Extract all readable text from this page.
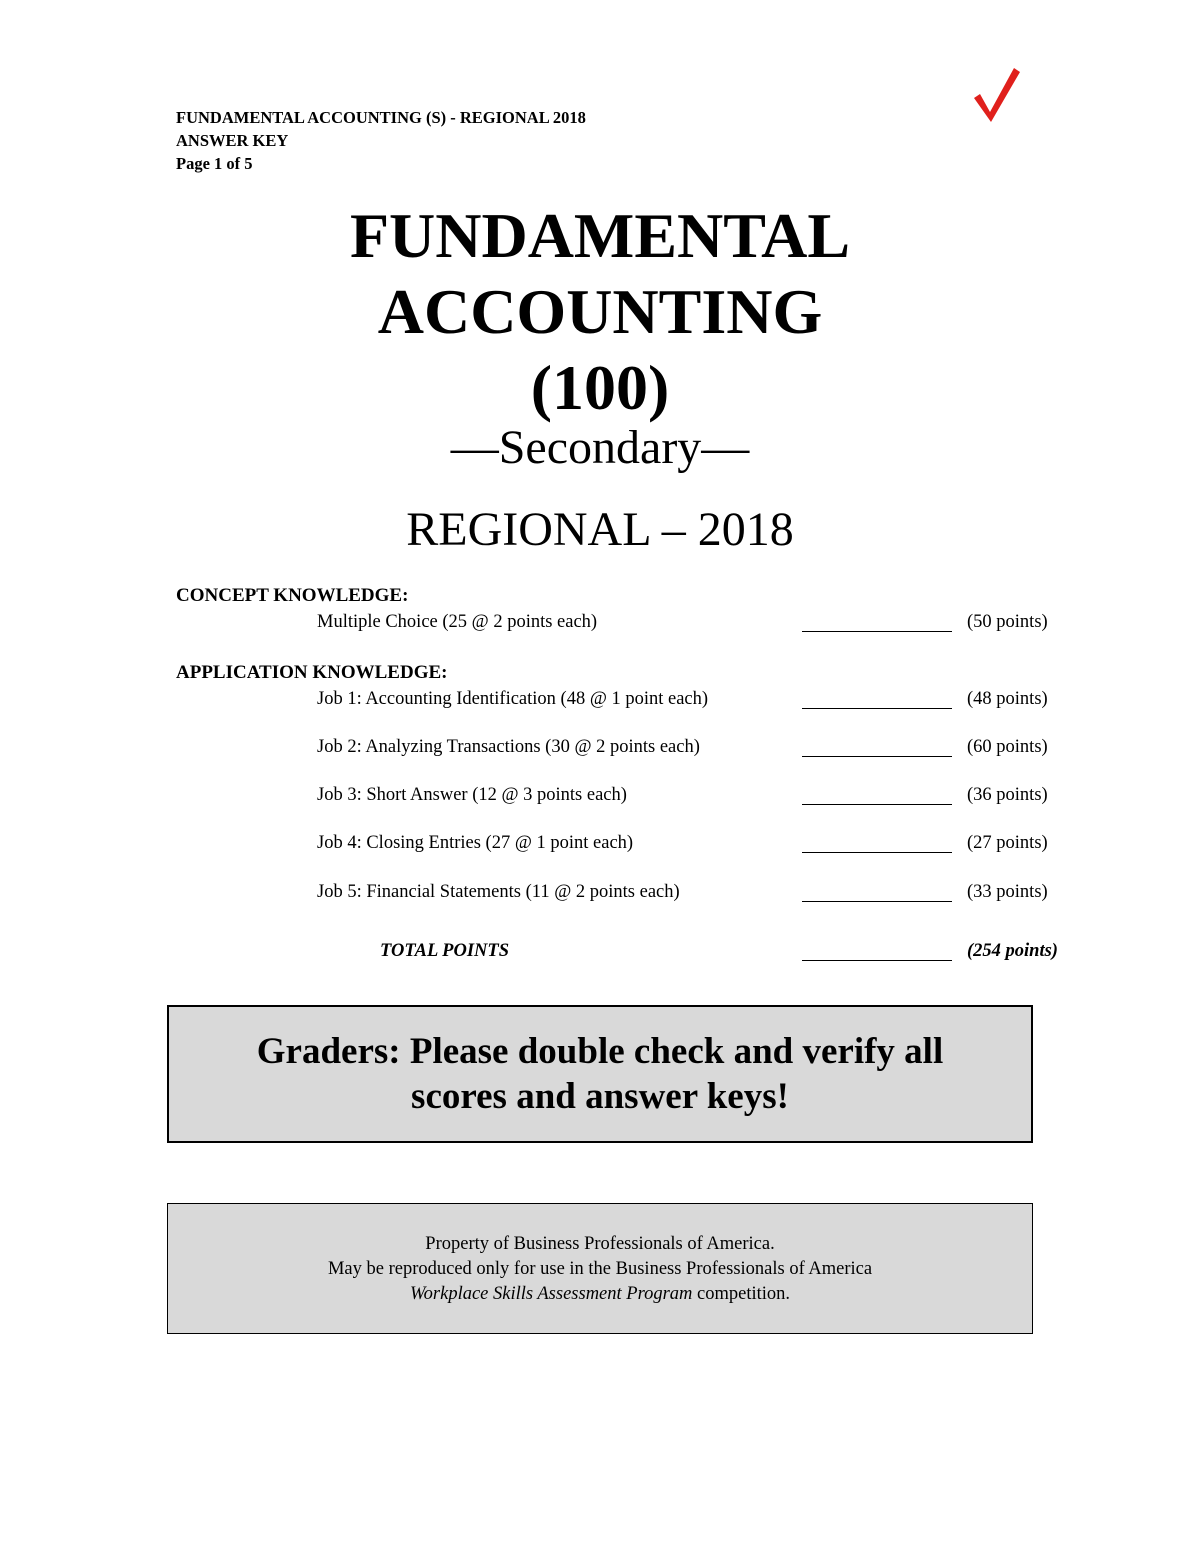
FUNDAMENTAL ACCOUNTING (S) - REGIONAL 2018
ANSWER KEY
Page 1 of 5
FUNDAMENTAL
ACCOUNTING
(100)
—Secondary—
REGIONAL – 2018
CONCEPT KNOWLEDGE:
Multiple Choice (25 @ 2 points each)	(50 points)
APPLICATION KNOWLEDGE:
Job 1: Accounting Identification (48 @ 1 point each)	(48 points)
Job 2: Analyzing Transactions (30 @ 2 points each)	(60 points)
Job 3: Short Answer (12 @ 3 points each)	(36 points)
Job 4: Closing Entries (27 @ 1 point each)	(27 points)
Job 5: Financial Statements (11 @ 2 points each)	(33 points)
TOTAL POINTS	(254 points)
Graders: Please double check and verify all
scores and answer keys!
Property of Business Professionals of America.
May be reproduced only for use in the Business Professionals of America
Workplace Skills Assessment Program competition.
